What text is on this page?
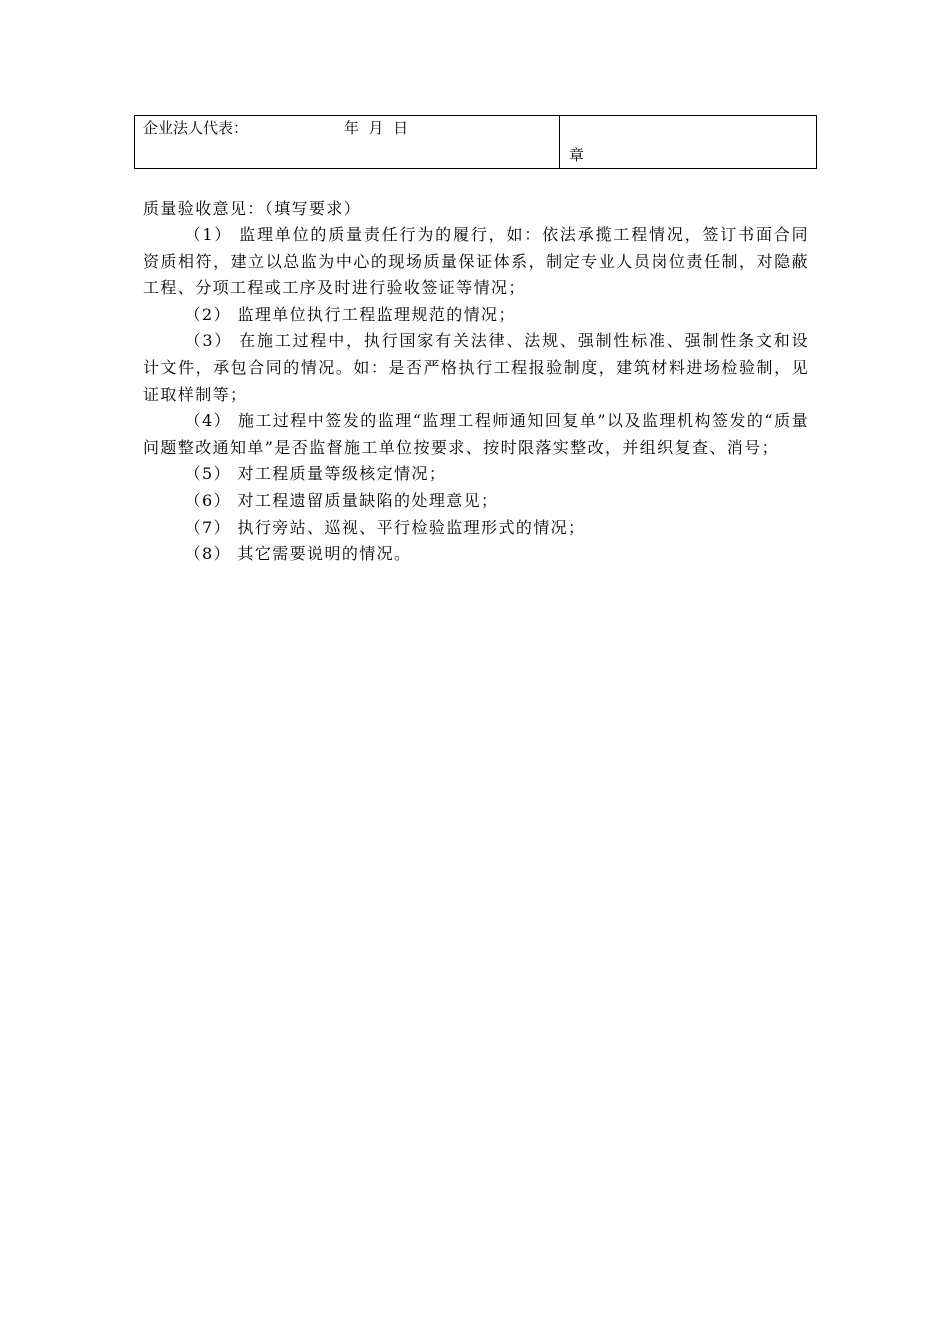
企业法人代表：	年  月  日
章

质量验收意见：（填写要求）

（1） 监理单位的质量责任行为的履行，如：依法承揽工程情况，签订书面合同资质相符，建立以总监为中心的现场质量保证体系，制定专业人员岗位责任制，对隐蔽工程、分项工程或工序及时进行验收签证等情况；

（2） 监理单位执行工程监理规范的情况；

（3） 在施工过程中，执行国家有关法律、法规、强制性标准、强制性条文和设计文件，承包合同的情况。如：是否严格执行工程报验制度，建筑材料进场检验制，见证取样制等；

（4） 施工过程中签发的监理“监理工程师通知回复单”以及监理机构签发的“质量问题整改通知单”是否监督施工单位按要求、按时限落实整改，并组织复查、消号；

（5） 对工程质量等级核定情况；

（6） 对工程遗留质量缺陷的处理意见；

（7） 执行旁站、巡视、平行检验监理形式的情况；

（8） 其它需要说明的情况。
